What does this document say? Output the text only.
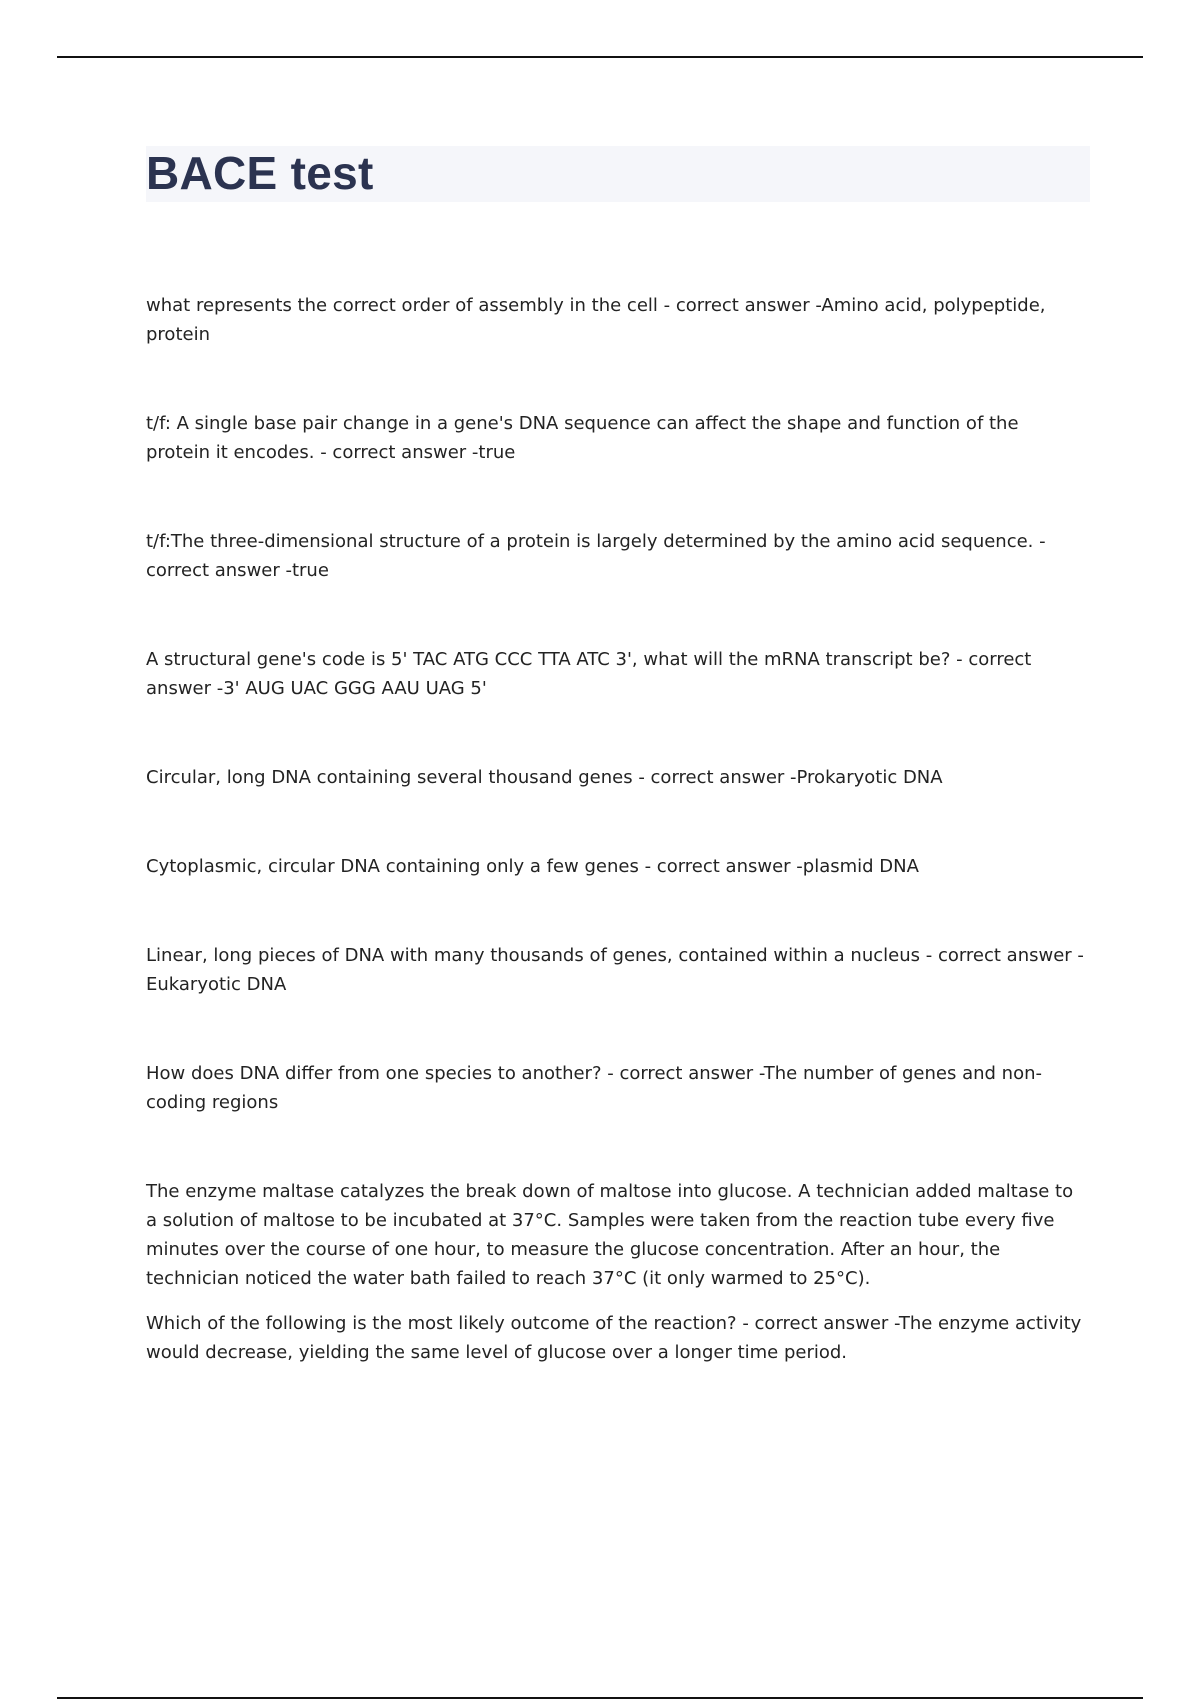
BACE test

what represents the correct order of assembly in the cell - correct answer -Amino acid, polypeptide, protein

t/f: A single base pair change in a gene's DNA sequence can affect the shape and function of the protein it encodes. - correct answer -true

t/f:The three-dimensional structure of a protein is largely determined by the amino acid sequence. - correct answer -true

A structural gene's code is 5' TAC ATG CCC TTA ATC 3', what will the mRNA transcript be? - correct answer -3' AUG UAC GGG AAU UAG 5'

Circular, long DNA containing several thousand genes - correct answer -Prokaryotic DNA

Cytoplasmic, circular DNA containing only a few genes - correct answer -plasmid DNA

Linear, long pieces of DNA with many thousands of genes, contained within a nucleus - correct answer -Eukaryotic DNA

How does DNA differ from one species to another? - correct answer -The number of genes and non-coding regions

The enzyme maltase catalyzes the break down of maltose into glucose. A technician added maltase to a solution of maltose to be incubated at 37°C. Samples were taken from the reaction tube every five minutes over the course of one hour, to measure the glucose concentration. After an hour, the technician noticed the water bath failed to reach 37°C (it only warmed to 25°C).

Which of the following is the most likely outcome of the reaction? - correct answer -The enzyme activity would decrease, yielding the same level of glucose over a longer time period.
